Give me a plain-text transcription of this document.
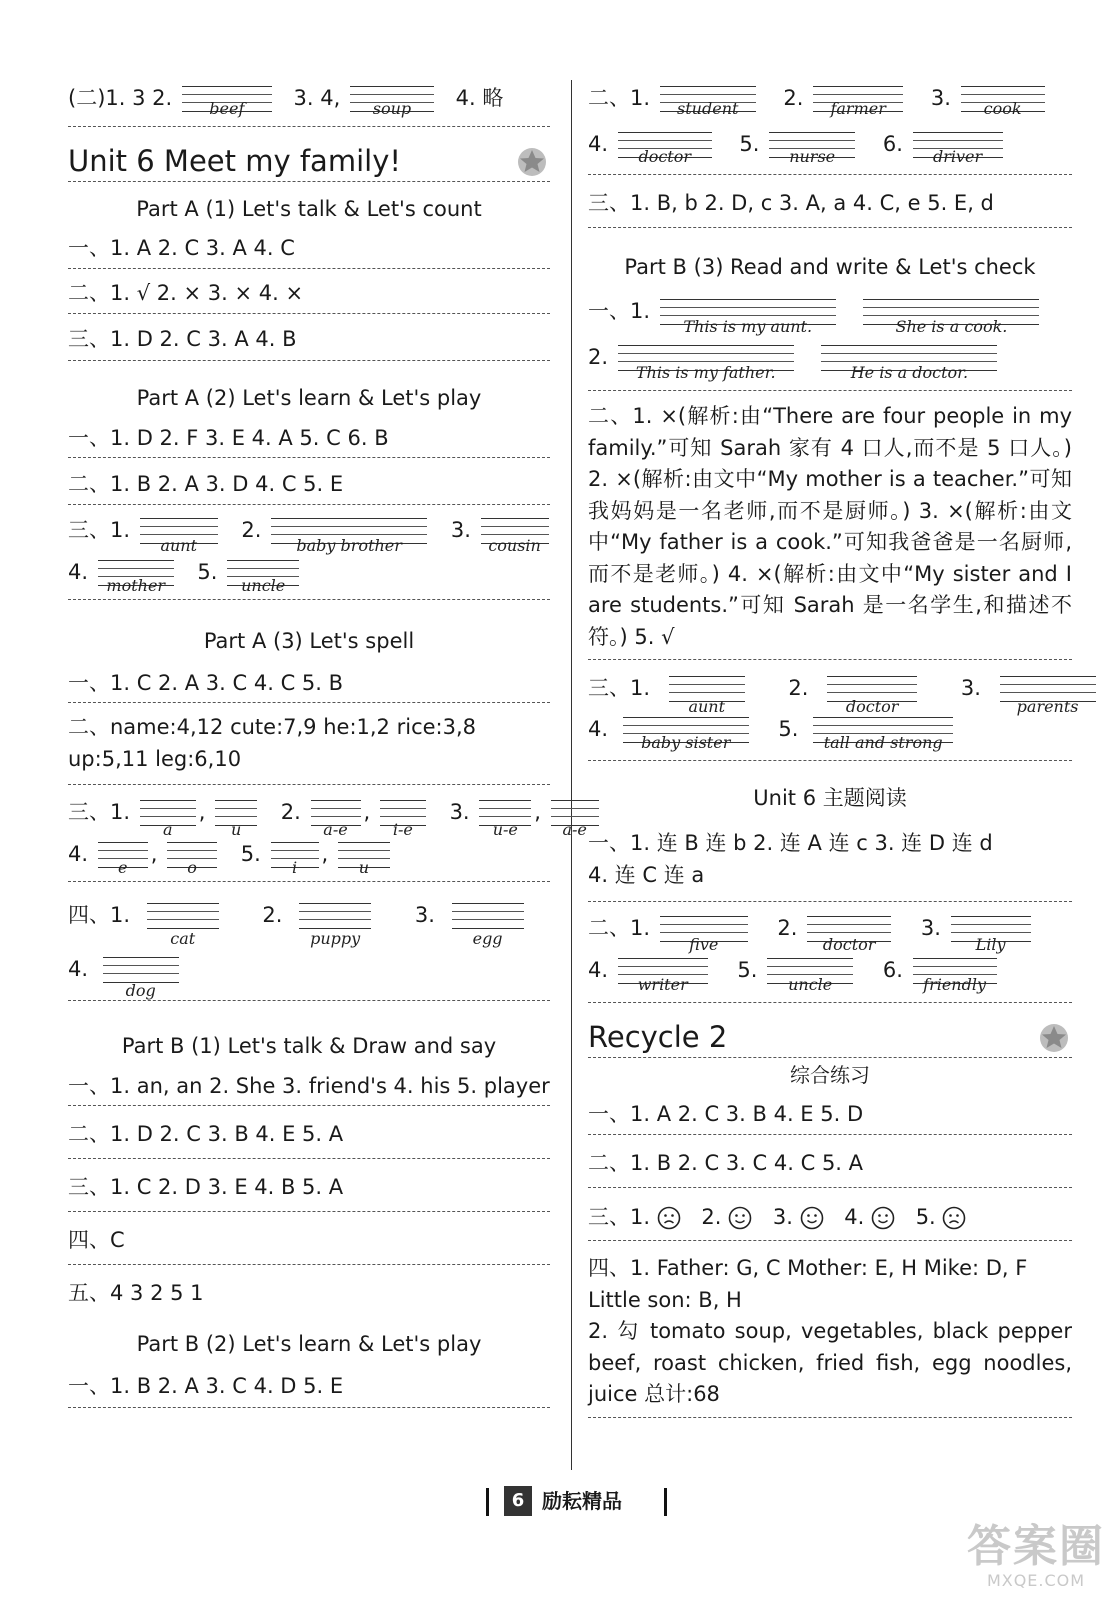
(二)1. 3 2. beef 3. 4, soup 4. 略
Unit 6 Meet my family!
Part A (1) Let's talk & Let's count
一、1. A 2. C 3. A 4. C
二、1. √ 2. × 3. × 4. ×
三、1. D 2. C 3. A 4. B
Part A (2) Let's learn & Let's play
一、1. D 2. F 3. E 4. A 5. C 6. B
二、1. B 2. A 3. D 4. C 5. E
三、1. aunt 2. baby brother 3. cousin
4. mother 5. uncle
Part A (3) Let's spell
一、1. C 2. A 3. C 4. C 5. B
二、name:4,12 cute:7,9 he:1,2 rice:3,8
up:5,11 leg:6,10
三、1. a, u 2. a-e, i-e 3. u-e, a-e
4. e, o 5. i, u
四、1. cat 2. puppy 3. egg
4. dog
Part B (1) Let's talk & Draw and say
一、1. an, an 2. She 3. friend's 4. his 5. player
二、1. D 2. C 3. B 4. E 5. A
三、1. C 2. D 3. E 4. B 5. A
四、C
五、4 3 2 5 1
Part B (2) Let's learn & Let's play
一、1. B 2. A 3. C 4. D 5. E
二、1. student 2. farmer 3. cook
4. doctor 5. nurse 6. driver
三、1. B, b 2. D, c 3. A, a 4. C, e 5. E, d
Part B (3) Read and write & Let's check
一、1. This is my aunt.	She is a cook.
2. This is my father.	He is a doctor.
二、1. ×(解析:由“There are four people in my family.”可知 Sarah 家有 4 口人,而不是 5 口人。) 2. ×(解析:由文中“My mother is a teacher.”可知我妈妈是一名老师,而不是厨师。) 3. ×(解析:由文中“My father is a cook.”可知我爸爸是一名厨师,而不是老师。) 4. ×(解析:由文中“My sister and I are students.”可知 Sarah 是一名学生,和描述不符。) 5. √
三、1. aunt 2. doctor 3. parents
4. baby sister 5. tall and strong
Unit 6 主题阅读
一、1. 连 B 连 b 2. 连 A 连 c 3. 连 D 连 d
4. 连 C 连 a
二、1. five 2. doctor 3. Lily
4. writer 5. uncle 6. friendly
Recycle 2
综合练习
一、1. A 2. C 3. B 4. E 5. D
二、1. B 2. C 3. C 4. C 5. A
三、1. 2. 3. 4. 5.
四、1. Father: G, C Mother: E, H Mike: D, F
Little son: B, H
2. 勾 tomato soup, vegetables, black pepper beef, roast chicken, fried fish, egg noodles, juice 总计:68
6 励耘精品
答案圈
MXQE.COM
